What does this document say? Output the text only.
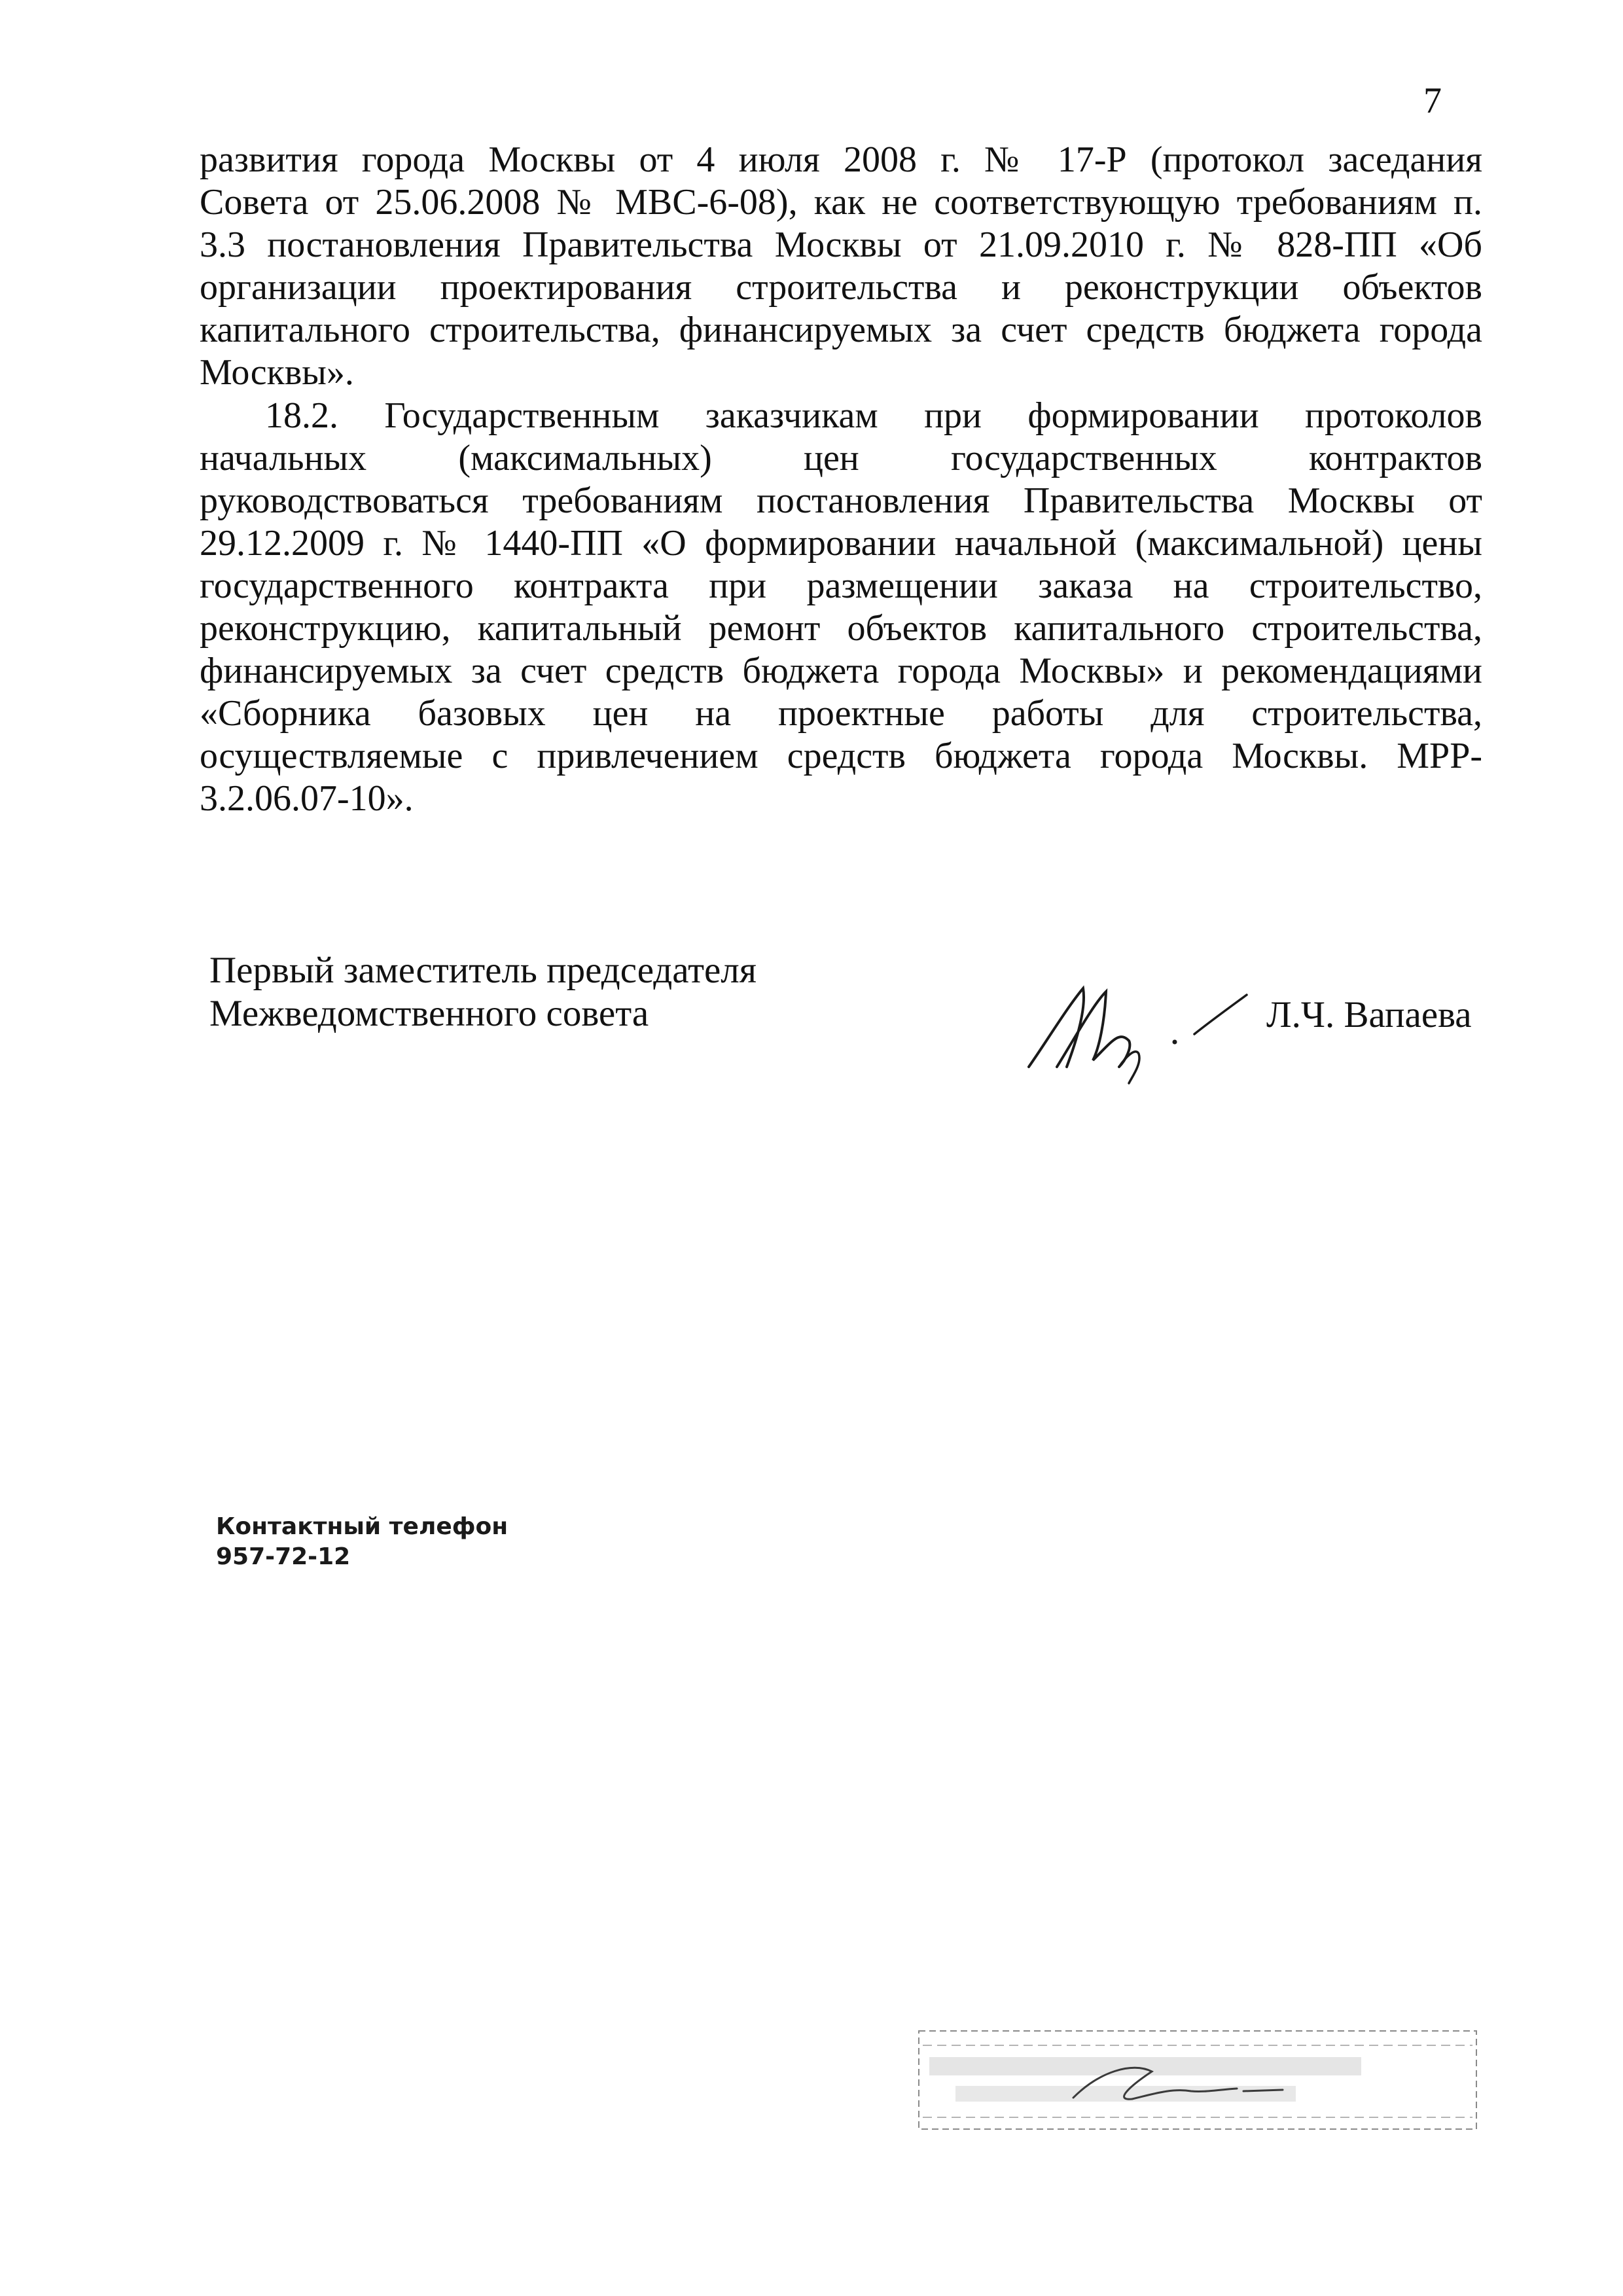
7
развития города Москвы от 4 июля 2008 г. № 17-Р (протокол заседания
Совета от 25.06.2008 № МВС-6-08), как не соответствующую требованиям п.
3.3 постановления Правительства Москвы от 21.09.2010 г. № 828-ПП «Об
организации проектирования строительства и реконструкции объектов
капитального строительства, финансируемых за счет средств бюджета города
Москвы».
18.2. Государственным заказчикам при формировании протоколов
начальных (максимальных) цен государственных контрактов
руководствоваться требованиям постановления Правительства Москвы от
29.12.2009 г. № 1440-ПП «О формировании начальной (максимальной) цены
государственного контракта при размещении заказа на строительство,
реконструкцию, капитальный ремонт объектов капитального строительства,
финансируемых за счет средств бюджета города Москвы» и рекомендациями
«Сборника базовых цен на проектные работы для строительства,
осуществляемые с привлечением средств бюджета города Москвы. МРР-
3.2.06.07-10».
Первый заместитель председателя
Межведомственного совета	Л.Ч. Вапаева
Контактный телефон
957-72-12
